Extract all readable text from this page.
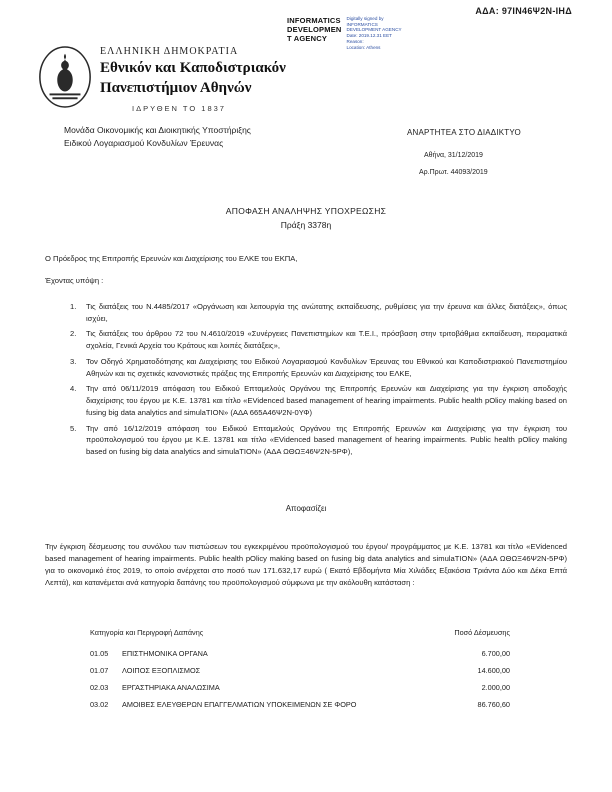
ΑΔΑ: 97ΙΝ46Ψ2Ν-ΙΗΔ
INFORMATICS
DEVELOPMEN
T AGENCY
Digitally signed by
INFORMATICS
DEVELOPMENT AGENCY
Date: 2019.12.31 EET
Reason:
Location: Athens
ΕΛΛΗΝΙΚΗ ΔΗΜΟΚΡΑΤΙΑ
Εθνικόν και Καποδιστριακόν
Πανεπιστήμιον Αθηνών
ΙΔΡΥΘΕΝ ΤΟ 1837
Μονάδα Οικονομικής και Διοικητικής Υποστήριξης
Ειδικού Λογαριασμού Κονδυλίων Έρευνας
ΑΝΑΡΤΗΤΕΑ ΣΤΟ ΔΙΑΔΙΚΤΥΟ
Αθήνα, 31/12/2019
Αρ.Πρωτ. 44093/2019
ΑΠΟΦΑΣΗ ΑΝΑΛΗΨΗΣ ΥΠΟΧΡΕΩΣΗΣ
Πράξη 3378η
Ο Πρόεδρος της Επιτροπής Ερευνών και Διαχείρισης του ΕΛΚΕ του ΕΚΠΑ,
Έχοντας υπόψη :
1.	Τις διατάξεις του Ν.4485/2017 «Οργάνωση και λειτουργία της ανώτατης εκπαίδευσης, ρυθμίσεις για την έρευνα και άλλες διατάξεις», όπως ισχύει,
2.	Τις διατάξεις του άρθρου 72 του Ν.4610/2019 «Συνέργειες Πανεπιστημίων και Τ.Ε.Ι., πρόσβαση στην τριτοβάθμια εκπαίδευση, πειραματικά σχολεία, Γενικά Αρχεία του Κράτους και λοιπές διατάξεις»,
3.	Τον Οδηγό Χρηματοδότησης και Διαχείρισης του Ειδικού Λογαριασμού Κονδυλίων Έρευνας του Εθνικού και Καποδιστριακού Πανεπιστημίου Αθηνών και τις σχετικές κανονιστικές πράξεις της Επιτροπής Ερευνών και Διαχείρισης του ΕΛΚΕ,
4.	Την από 06/11/2019 απόφαση του Ειδικού Επταμελούς Οργάνου της Επιτροπής Ερευνών και Διαχείρισης για την έγκριση αποδοχής διαχείρισης του έργου με Κ.Ε. 13781 και τίτλο «EVidenced based management of hearing impairments. Public health pOlicy making based on fusing big data analytics and simulaTION» (ΑΔΑ 665Α46Ψ2Ν-0ΥΦ)
5.	Την από 16/12/2019 απόφαση του Ειδικού Επταμελούς Οργάνου της Επιτροπής Ερευνών και Διαχείρισης για την έγκριση του προϋπολογισμού του έργου με Κ.Ε. 13781 και τίτλο «EVidenced based management of hearing impairments. Public health pOlicy making based on fusing big data analytics and simulaTION» (ΑΔΑ ΩΘΩΞ46Ψ2Ν-5ΡΦ),
Αποφασίζει
Την έγκριση δέσμευσης του συνόλου των πιστώσεων του εγκεκριμένου προϋπολογισμού του έργου/ προγράμματος με Κ.Ε. 13781 και τίτλο «EVidenced based management of hearing impairments. Public health pOlicy making based on fusing big data analytics and simulaTION» (ΑΔΑ ΩΘΩΞ46Ψ2Ν-5ΡΦ) για το οικονομικό έτος 2019, το οποίο ανέρχεται στο ποσό των 171.632,17 ευρώ ( Εκατό Εβδομήντα Μία Χιλιάδες Εξακόσια Τριάντα Δύο και Δέκα Επτά Λεπτά), και κατανέμεται ανά κατηγορία δαπάνης του προϋπολογισμού σύμφωνα με την ακόλουθη κατάσταση :
Κατηγορία και Περιγραφή Δαπάνης	Ποσό Δέσμευσης
01.05	ΕΠΙΣΤΗΜΟΝΙΚΑ ΟΡΓΑΝΑ	6.700,00
01.07	ΛΟΙΠΟΣ ΕΞΟΠΛΙΣΜΟΣ	14.600,00
02.03	ΕΡΓΑΣΤΗΡΙΑΚΑ ΑΝΑΛΩΣΙΜΑ	2.000,00
03.02	ΑΜΟΙΒΕΣ ΕΛΕΥΘΕΡΩΝ ΕΠΑΓΓΕΛΜΑΤΙΩΝ ΥΠΟΚΕΙΜΕΝΩΝ ΣΕ ΦΟΡΟ	86.760,60
